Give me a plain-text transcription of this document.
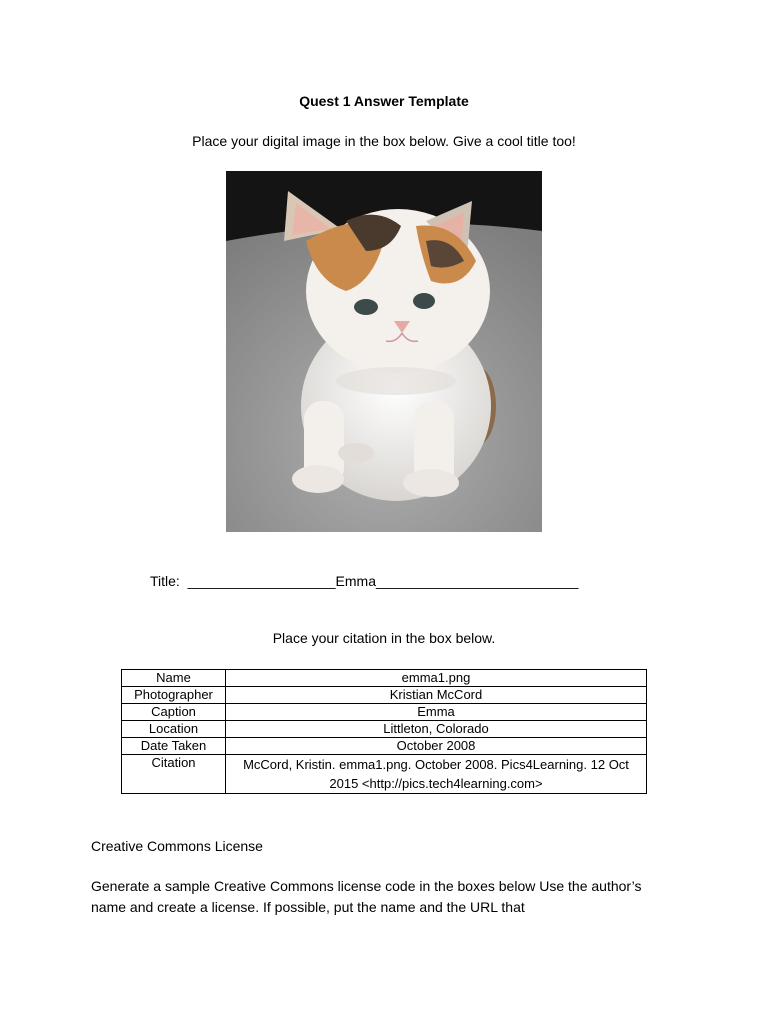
Quest 1 Answer Template
Place your digital image in the box below. Give a cool title too!
Title: ___________________Emma__________________________
Place your citation in the box below.
Name	emma1.png
Photographer	Kristian McCord
Caption	Emma
Location	Littleton, Colorado
Date Taken	October 2008
Citation	McCord, Kristin. emma1.png. October 2008. Pics4Learning. 12 Oct 2015 <http://pics.tech4learning.com>
Creative Commons License
Generate a sample Creative Commons license code in the boxes below Use the author’s name and create a license. If possible, put the name and the URL that
